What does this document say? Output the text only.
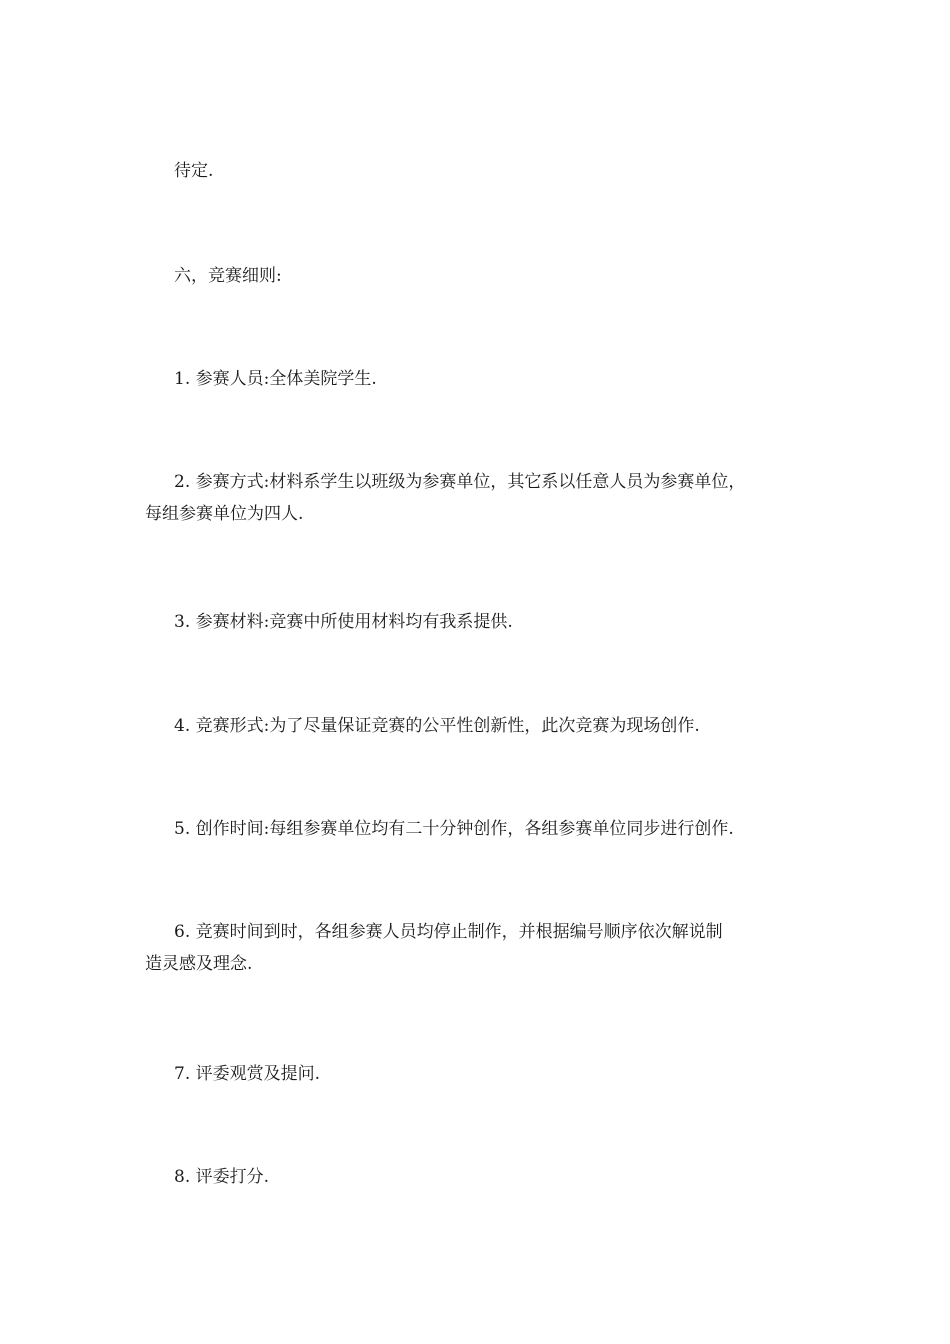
待定.

六，竞赛细则:

1. 参赛人员:全体美院学生.

2. 参赛方式:材料系学生以班级为参赛单位，其它系以任意人员为参赛单位，
每组参赛单位为四人.

3. 参赛材料:竞赛中所使用材料均有我系提供.

4. 竞赛形式:为了尽量保证竞赛的公平性创新性，此次竞赛为现场创作.

5. 创作时间:每组参赛单位均有二十分钟创作，各组参赛单位同步进行创作.

6. 竞赛时间到时，各组参赛人员均停止制作，并根据编号顺序依次解说制
造灵感及理念.

7. 评委观赏及提问.

8. 评委打分.
